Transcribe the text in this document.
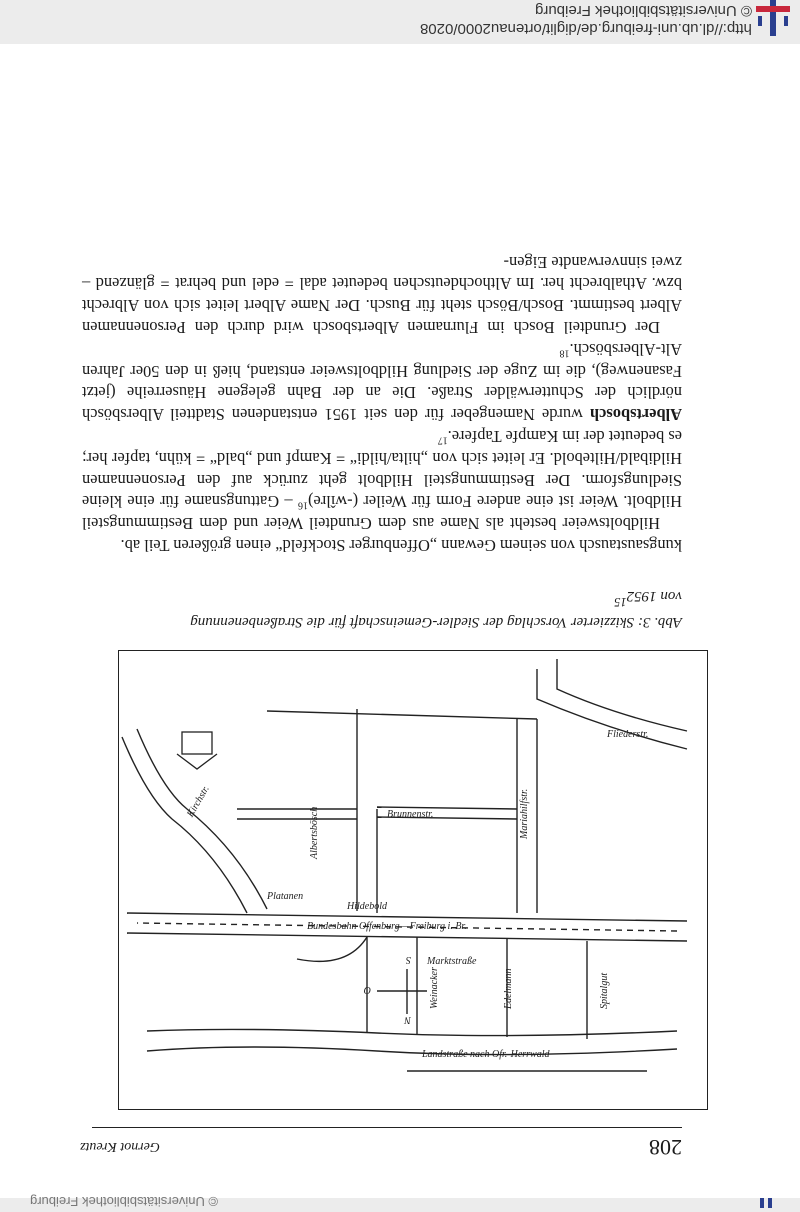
© Universitätsbibliothek Freiburg
http://dl.ub.uni-freiburg.de/diglit/ortenau2000/0208
© Universitätsbibliothek Freiburg
208
Gernot Kreutz
Landstraße nach Ofr.-Herrwald
Bundesbahn Offenburg – Freiburg i. Br.
Hildebold
Marktstraße
Spitalgut
Edelmann
Weinacker
Platanen
Brunnenstr.
Albertsbösch	Mariahilfstr.
Kirchstr.
Fliederstr.
N
S
O
Abb. 3: Skizzierter Vorschlag der Siedler-Gemeinschaft für die Straßenbenennung
von 1952$^{15}$

kungsaustausch von seinem Gewann „Offenburger Stockfeld“ einen größeren Teil ab.

Hildboltsweier besteht als Name aus dem Grundteil Weier und dem Bestimmungsteil Hildbolt. Weier ist eine andere Form für Weiler (-wîlre)$^{16}$ – Gattungsname für eine kleine Siedlungsform. Der Bestimmungsteil Hildbolt geht zurück auf den Personennamen Hildibald/Hiltebold. Er leitet sich von „hilta/hildi“ = Kampf und „bald“ = kühn, tapfer her; es bedeutet der im Kampfe Tapfere.$^{17}$

Albertsbosch wurde Namengeber für den seit 1951 entstandenen Stadtteil Albersbösch nördlich der Schutterwälder Straße. Die an der Bahn gelegene Häuserreihe (jetzt Fasanenweg), die im Zuge der Siedlung Hildboltsweier entstand, hieß in den 50er Jahren Alt-Albersbösch.$^{18}$

Der Grundteil Bosch im Flurnamen Albertsbosch wird durch den Personennamen Albert bestimmt. Bosch/Bösch steht für Busch. Der Name Albert leitet sich von Albrecht bzw. Athalbrecht her. Im Althochdeutschen bedeutet adal = edel und behrat = glänzend – zwei sinnverwandte Eigen-
